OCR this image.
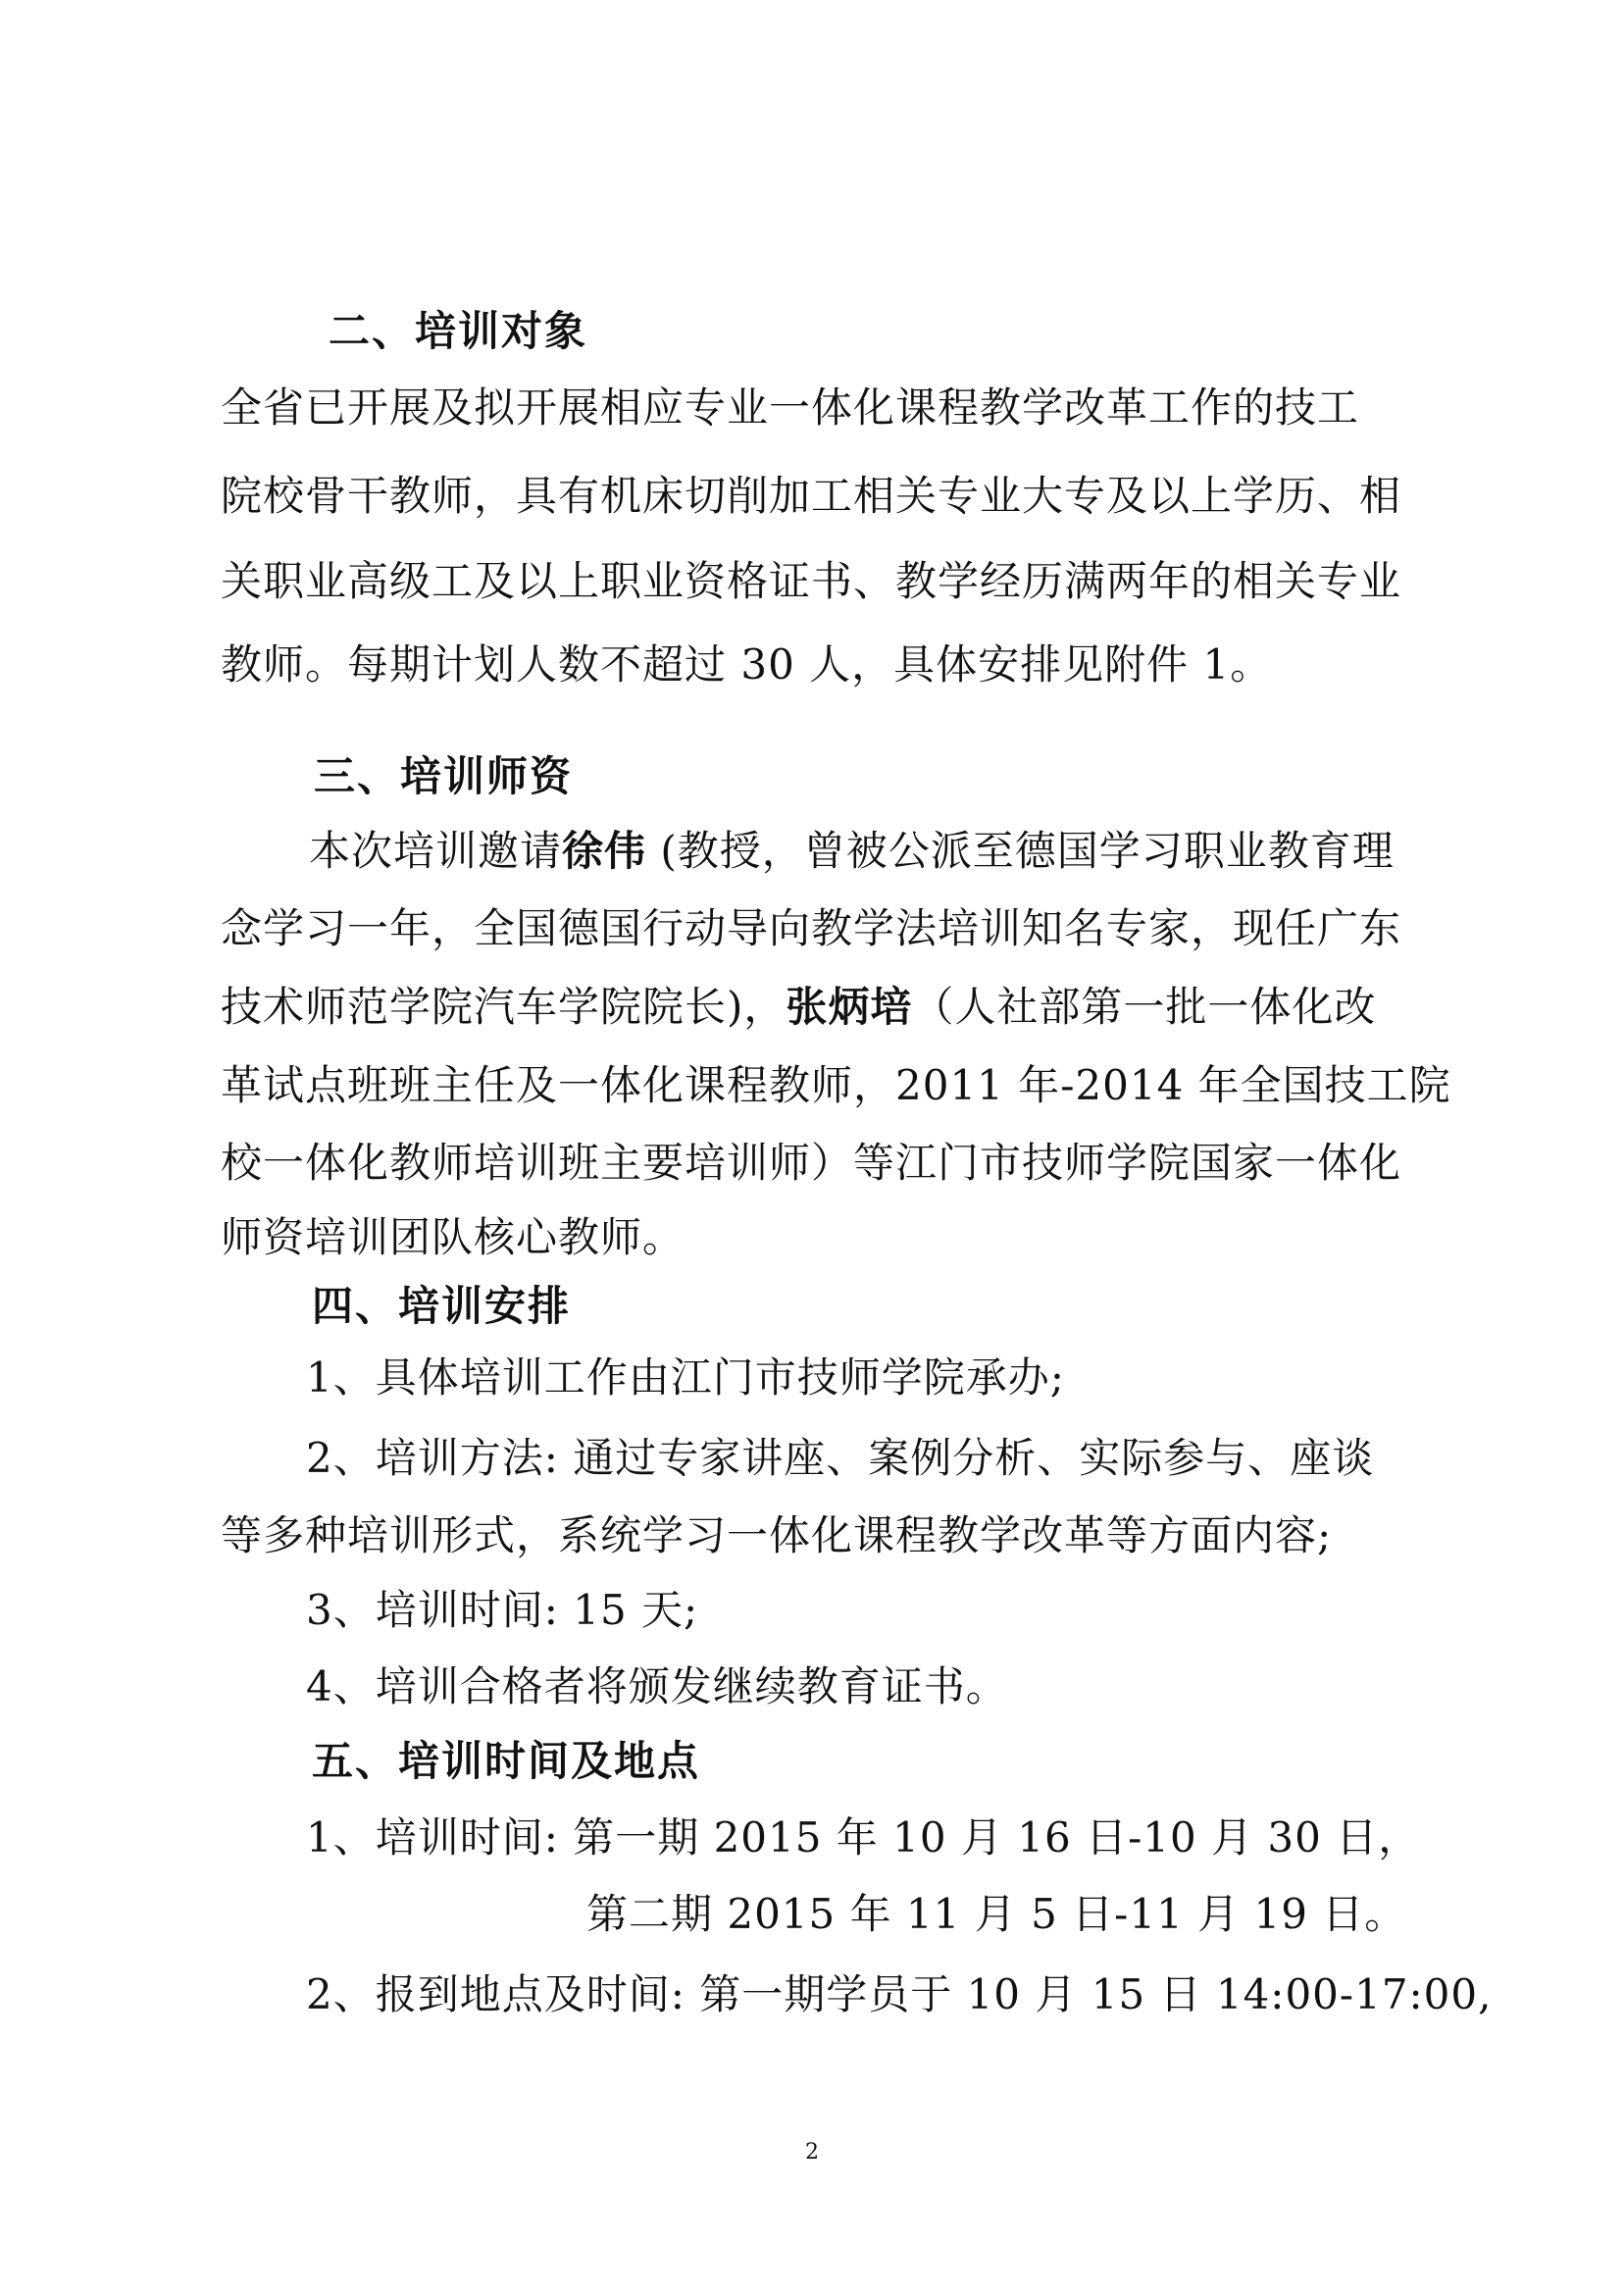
二、培训对象
全省已开展及拟开展相应专业一体化课程教学改革工作的技工
院校骨干教师，具有机床切削加工相关专业大专及以上学历、相
关职业高级工及以上职业资格证书、教学经历满两年的相关专业
教师。每期计划人数不超过 30 人，具体安排见附件 1。
三、培训师资
本次培训邀请徐伟 (教授，曾被公派至德国学习职业教育理
念学习一年，全国德国行动导向教学法培训知名专家，现任广东
技术师范学院汽车学院院长)，张炳培（人社部第一批一体化改
革试点班班主任及一体化课程教师，2011 年-2014 年全国技工院
校一体化教师培训班主要培训师）等江门市技师学院国家一体化
师资培训团队核心教师。
四、培训安排
1、具体培训工作由江门市技师学院承办;
2、培训方法: 通过专家讲座、案例分析、实际参与、座谈
等多种培训形式，系统学习一体化课程教学改革等方面内容;
3、培训时间: 15 天;
4、培训合格者将颁发继续教育证书。
五、培训时间及地点
1、培训时间: 第一期 2015 年 10 月 16 日-10 月 30 日，
第二期 2015 年 11 月 5 日-11 月 19 日。
2、报到地点及时间: 第一期学员于 10 月 15 日 14:00-17:00,
2
